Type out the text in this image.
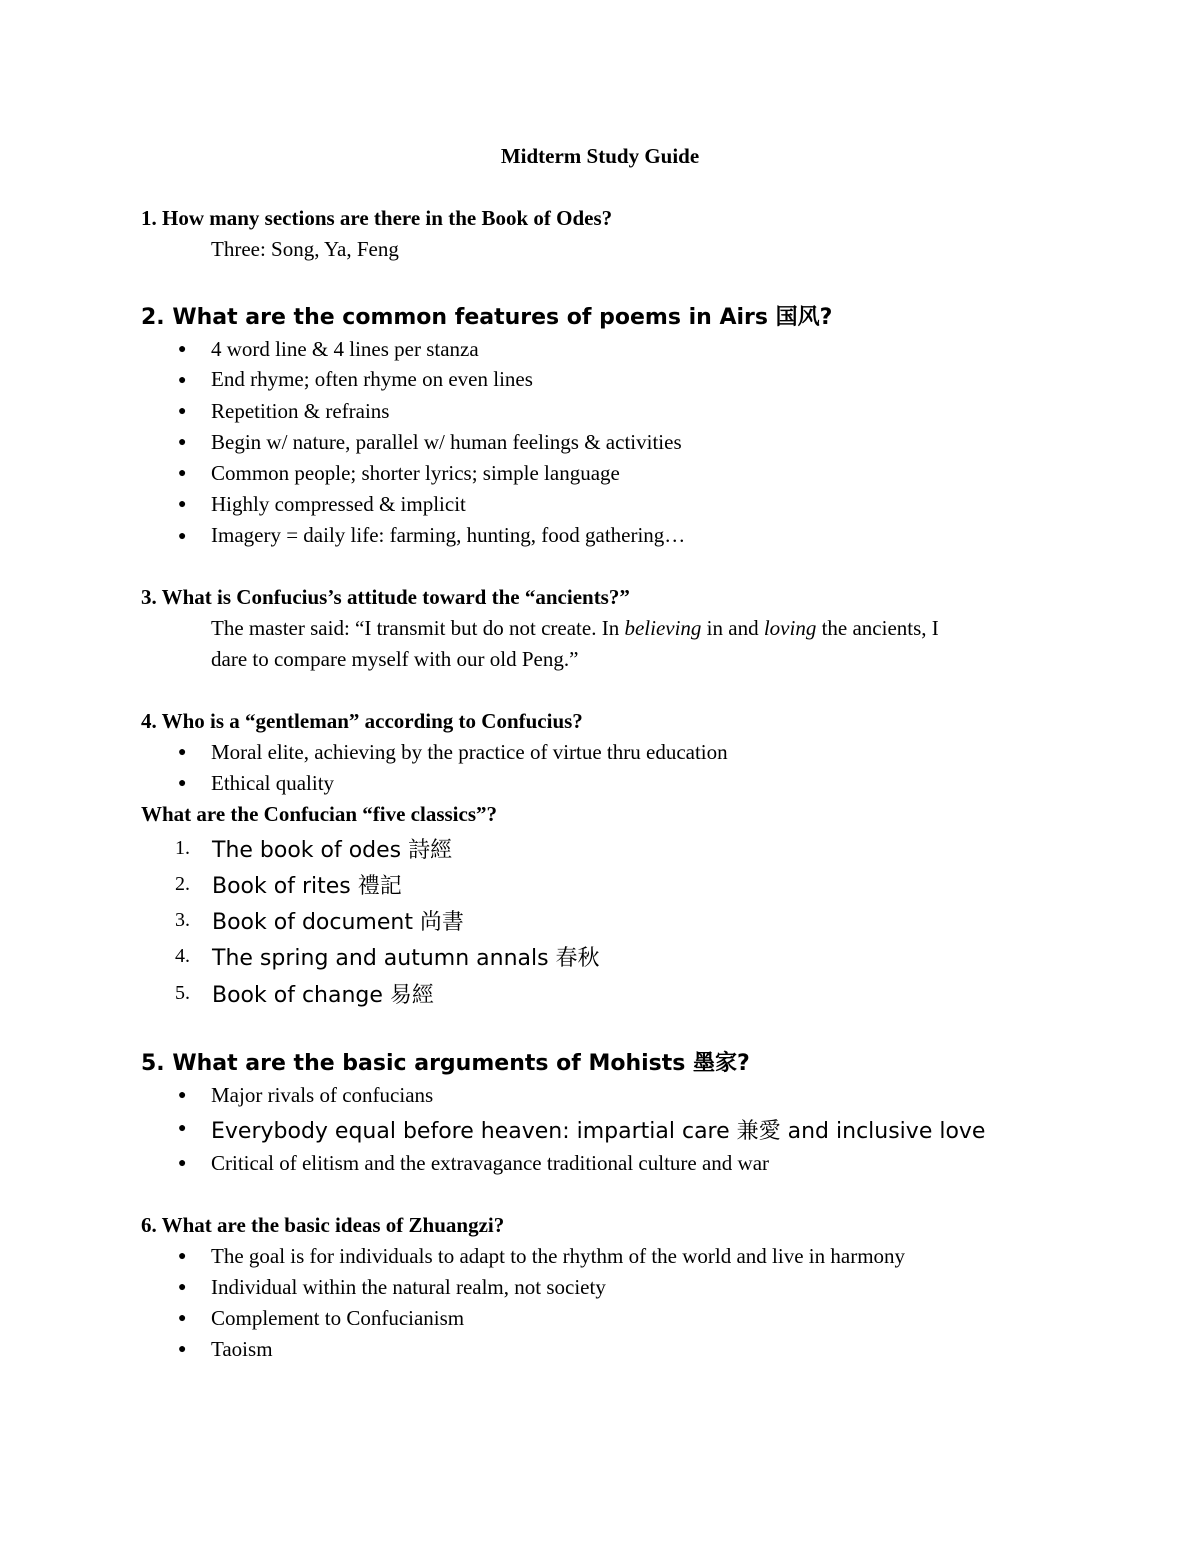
Midterm Study Guide
1. How many sections are there in the Book of Odes?
Three: Song, Ya, Feng
2. What are the common features of poems in Airs 国风?
● 4 word line & 4 lines per stanza
● End rhyme; often rhyme on even lines
● Repetition & refrains
● Begin w/ nature, parallel w/ human feelings & activities
● Common people; shorter lyrics; simple language
● Highly compressed & implicit
● Imagery = daily life: farming, hunting, food gathering…
3. What is Confucius’s attitude toward the “ancients?”
The master said: “I transmit but do not create. In believing in and loving the ancients, I
dare to compare myself with our old Peng.”
4. Who is a “gentleman” according to Confucius?
● Moral elite, achieving by the practice of virtue thru education
● Ethical quality
What are the Confucian “five classics”?
1. The book of odes 詩經
2. Book of rites 禮記
3. Book of document 尚書
4. The spring and autumn annals 春秋
5. Book of change 易經
5. What are the basic arguments of Mohists 墨家?
● Major rivals of confucians
● Everybody equal before heaven: impartial care 兼愛 and inclusive love
● Critical of elitism and the extravagance traditional culture and war
6. What are the basic ideas of Zhuangzi?
● The goal is for individuals to adapt to the rhythm of the world and live in harmony
● Individual within the natural realm, not society
● Complement to Confucianism
● Taoism
